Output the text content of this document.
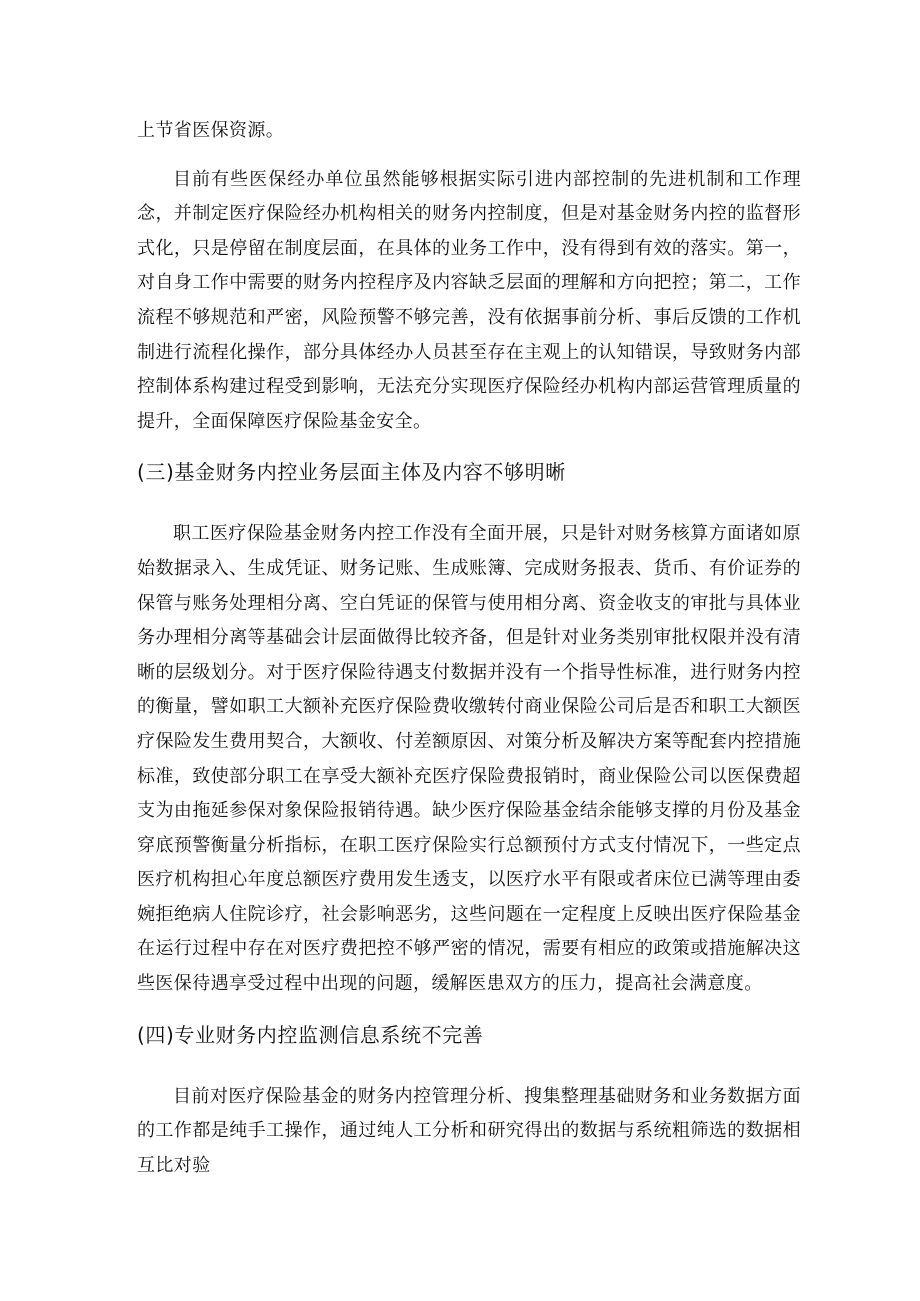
上节省医保资源。

目前有些医保经办单位虽然能够根据实际引进内部控制的先进机制和工作理念，并制定医疗保险经办机构相关的财务内控制度，但是对基金财务内控的监督形式化，只是停留在制度层面，在具体的业务工作中，没有得到有效的落实。第一，对自身工作中需要的财务内控程序及内容缺乏层面的理解和方向把控；第二，工作流程不够规范和严密，风险预警不够完善，没有依据事前分析、事后反馈的工作机制进行流程化操作，部分具体经办人员甚至存在主观上的认知错误，导致财务内部控制体系构建过程受到影响，无法充分实现医疗保险经办机构内部运营管理质量的提升，全面保障医疗保险基金安全。

(三)基金财务内控业务层面主体及内容不够明晰

职工医疗保险基金财务内控工作没有全面开展，只是针对财务核算方面诸如原始数据录入、生成凭证、财务记账、生成账簿、完成财务报表、货币、有价证券的保管与账务处理相分离、空白凭证的保管与使用相分离、资金收支的审批与具体业务办理相分离等基础会计层面做得比较齐备，但是针对业务类别审批权限并没有清晰的层级划分。对于医疗保险待遇支付数据并没有一个指导性标准，进行财务内控的衡量，譬如职工大额补充医疗保险费收缴转付商业保险公司后是否和职工大额医疗保险发生费用契合，大额收、付差额原因、对策分析及解决方案等配套内控措施标准，致使部分职工在享受大额补充医疗保险费报销时，商业保险公司以医保费超支为由拖延参保对象保险报销待遇。缺少医疗保险基金结余能够支撑的月份及基金穿底预警衡量分析指标，在职工医疗保险实行总额预付方式支付情况下，一些定点医疗机构担心年度总额医疗费用发生透支，以医疗水平有限或者床位已满等理由委婉拒绝病人住院诊疗，社会影响恶劣，这些问题在一定程度上反映出医疗保险基金在运行过程中存在对医疗费把控不够严密的情况，需要有相应的政策或措施解决这些医保待遇享受过程中出现的问题，缓解医患双方的压力，提高社会满意度。

(四)专业财务内控监测信息系统不完善

目前对医疗保险基金的财务内控管理分析、搜集整理基础财务和业务数据方面的工作都是纯手工操作，通过纯人工分析和研究得出的数据与系统粗筛选的数据相互比对验
